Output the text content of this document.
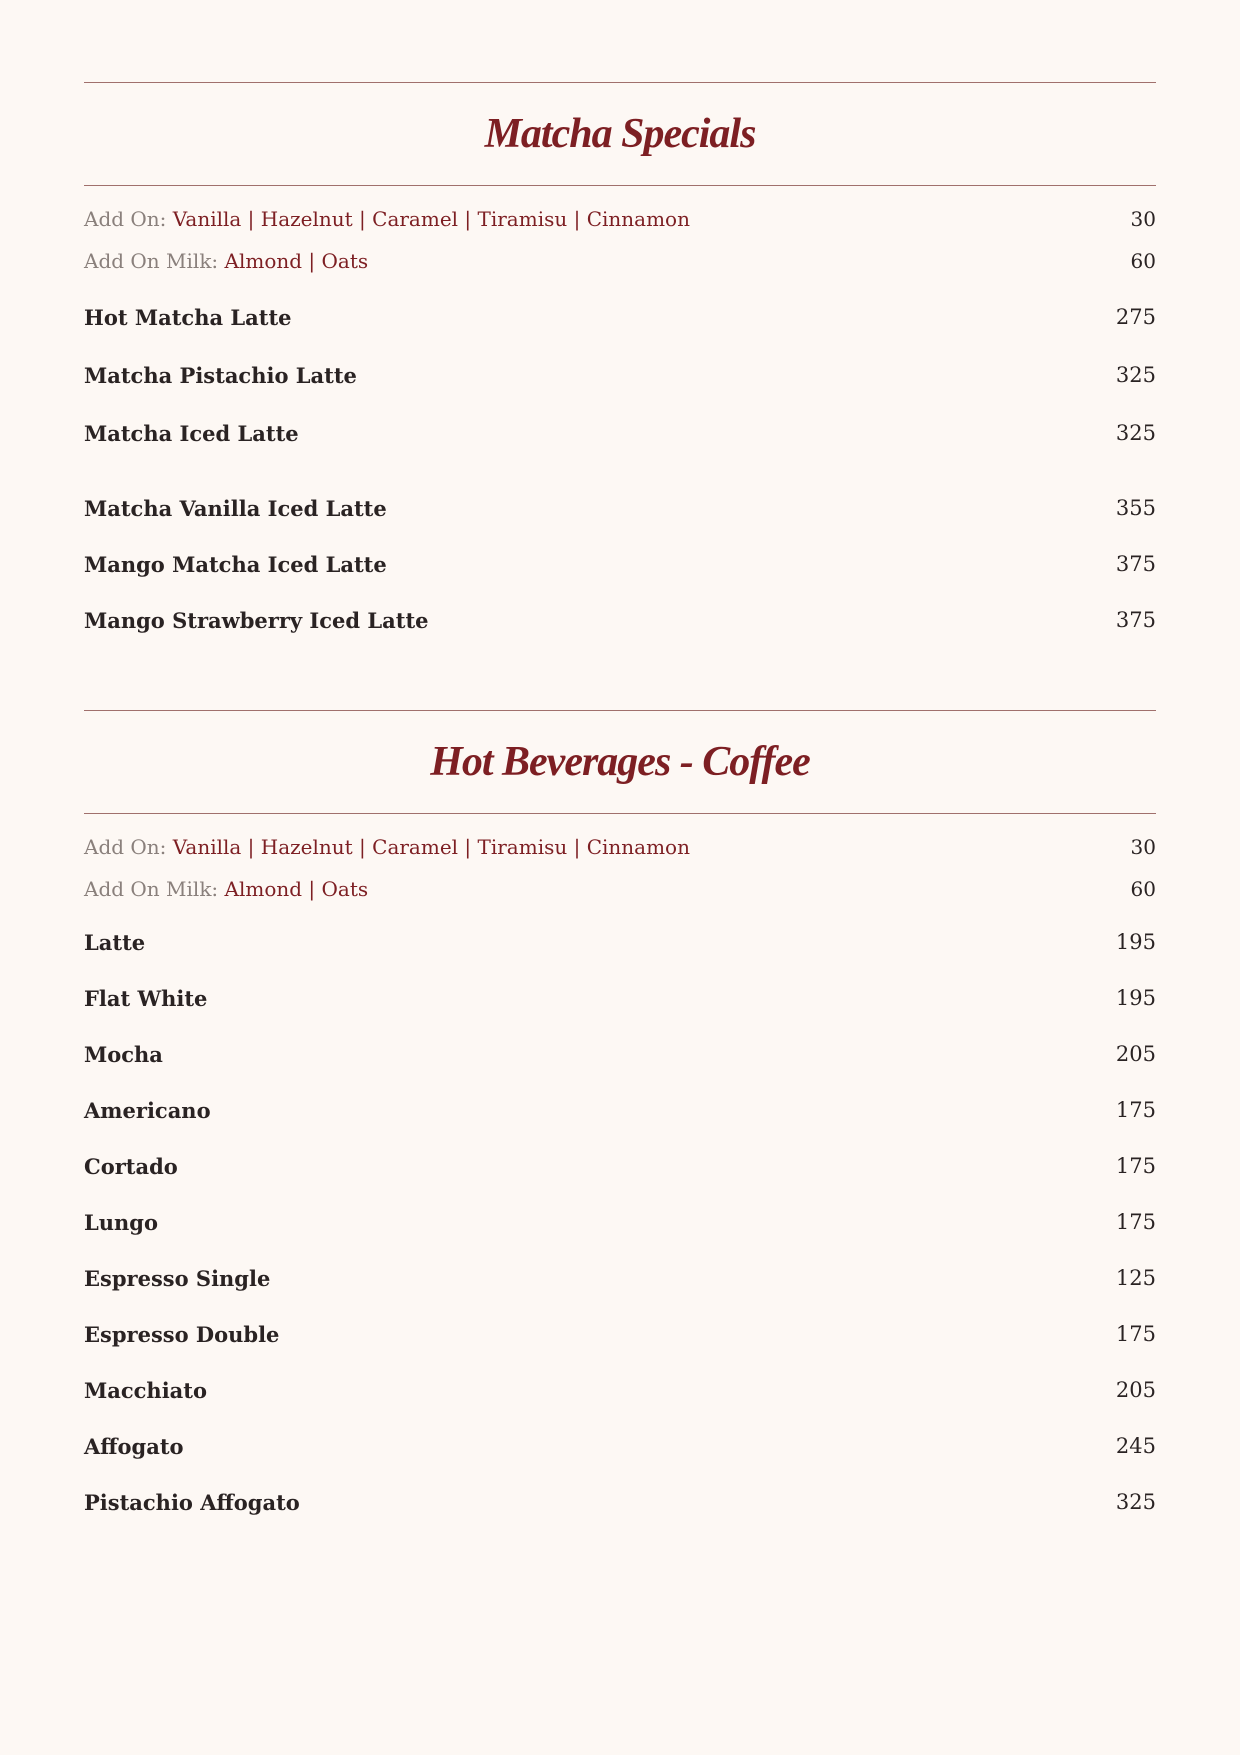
Matcha Specials
Add On: Vanilla | Hazelnut | Caramel | Tiramisu | Cinnamon	30
Add On Milk: Almond | Oats	60
Hot Matcha Latte	275
Matcha Pistachio Latte	325
Matcha Iced Latte	325
Matcha Vanilla Iced Latte	355
Mango Matcha Iced Latte	375
Mango Strawberry Iced Latte	375
Hot Beverages - Coffee
Add On: Vanilla | Hazelnut | Caramel | Tiramisu | Cinnamon	30
Add On Milk: Almond | Oats	60
Latte	195
Flat White	195
Mocha	205
Americano	175
Cortado	175
Lungo	175
Espresso Single	125
Espresso Double	175
Macchiato	205
Affogato	245
Pistachio Affogato	325
